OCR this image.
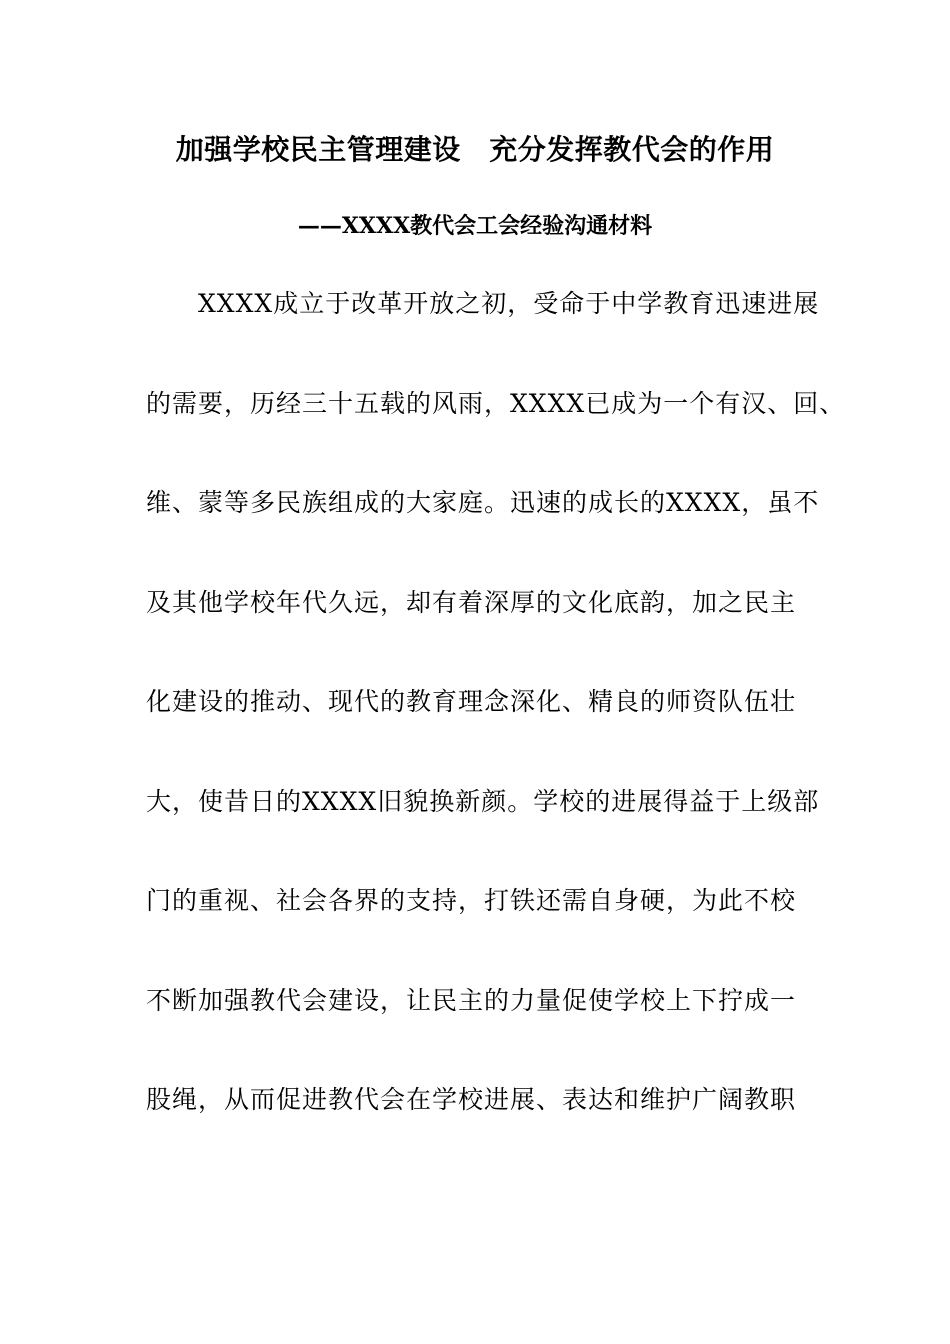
加强学校民主管理建设　充分发挥教代会的作用
——XXXX教代会工会经验沟通材料
XXXX成立于改革开放之初，受命于中学教育迅速进展
的需要，历经三十五载的风雨，XXXX已成为一个有汉、回、
维、蒙等多民族组成的大家庭。迅速的成长的XXXX，虽不
及其他学校年代久远，却有着深厚的文化底韵，加之民主
化建设的推动、现代的教育理念深化、精良的师资队伍壮
大，使昔日的XXXX旧貌换新颜。学校的进展得益于上级部
门的重视、社会各界的支持，打铁还需自身硬，为此不校
不断加强教代会建设，让民主的力量促使学校上下拧成一
股绳，从而促进教代会在学校进展、表达和维护广阔教职
